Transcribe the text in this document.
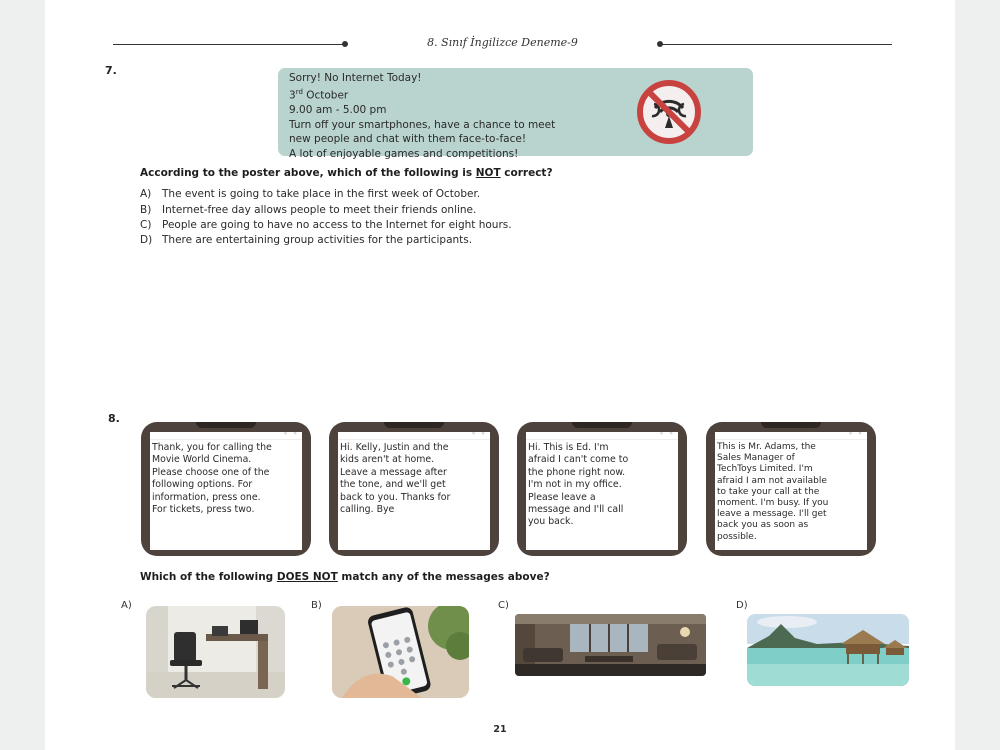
8. Sınıf İngilizce Deneme-9
7.
Sorry! No Internet Today!
3rd October
9.00 am - 5.00 pm
Turn off your smartphones, have a chance to meet
new people and chat with them face-to-face!
A lot of enjoyable games and competitions!
According to the poster above, which of the following is NOT correct?
A) The event is going to take place in the first week of October.
B) Internet-free day allows people to meet their friends online.
C) People are going to have no access to the Internet for eight hours.
D) There are entertaining group activities for the participants.
8.
⋄ ⋄
Thank, you for calling the
Movie World Cinema.
Please choose one of the
following options. For
information, press one.
For tickets, press two.
⋄ ⋄
Hi. Kelly, Justin and the
kids aren't at home.
Leave a message after
the tone, and we'll get
back to you. Thanks for
calling. Bye
⋄ ⋄
Hi. This is Ed. I'm
afraid I can't come to
the phone right now.
I'm not in my office.
Please leave a
message and I'll call
you back.
⋄ ⋄
This is Mr. Adams, the
Sales Manager of
TechToys Limited. I'm
afraid I am not available
to take your call at the
moment. I'm busy. If you
leave a message. I'll get
back you as soon as
possible.
Which of the following DOES NOT match any of the messages above?
A)	B)	C)	D)
21
